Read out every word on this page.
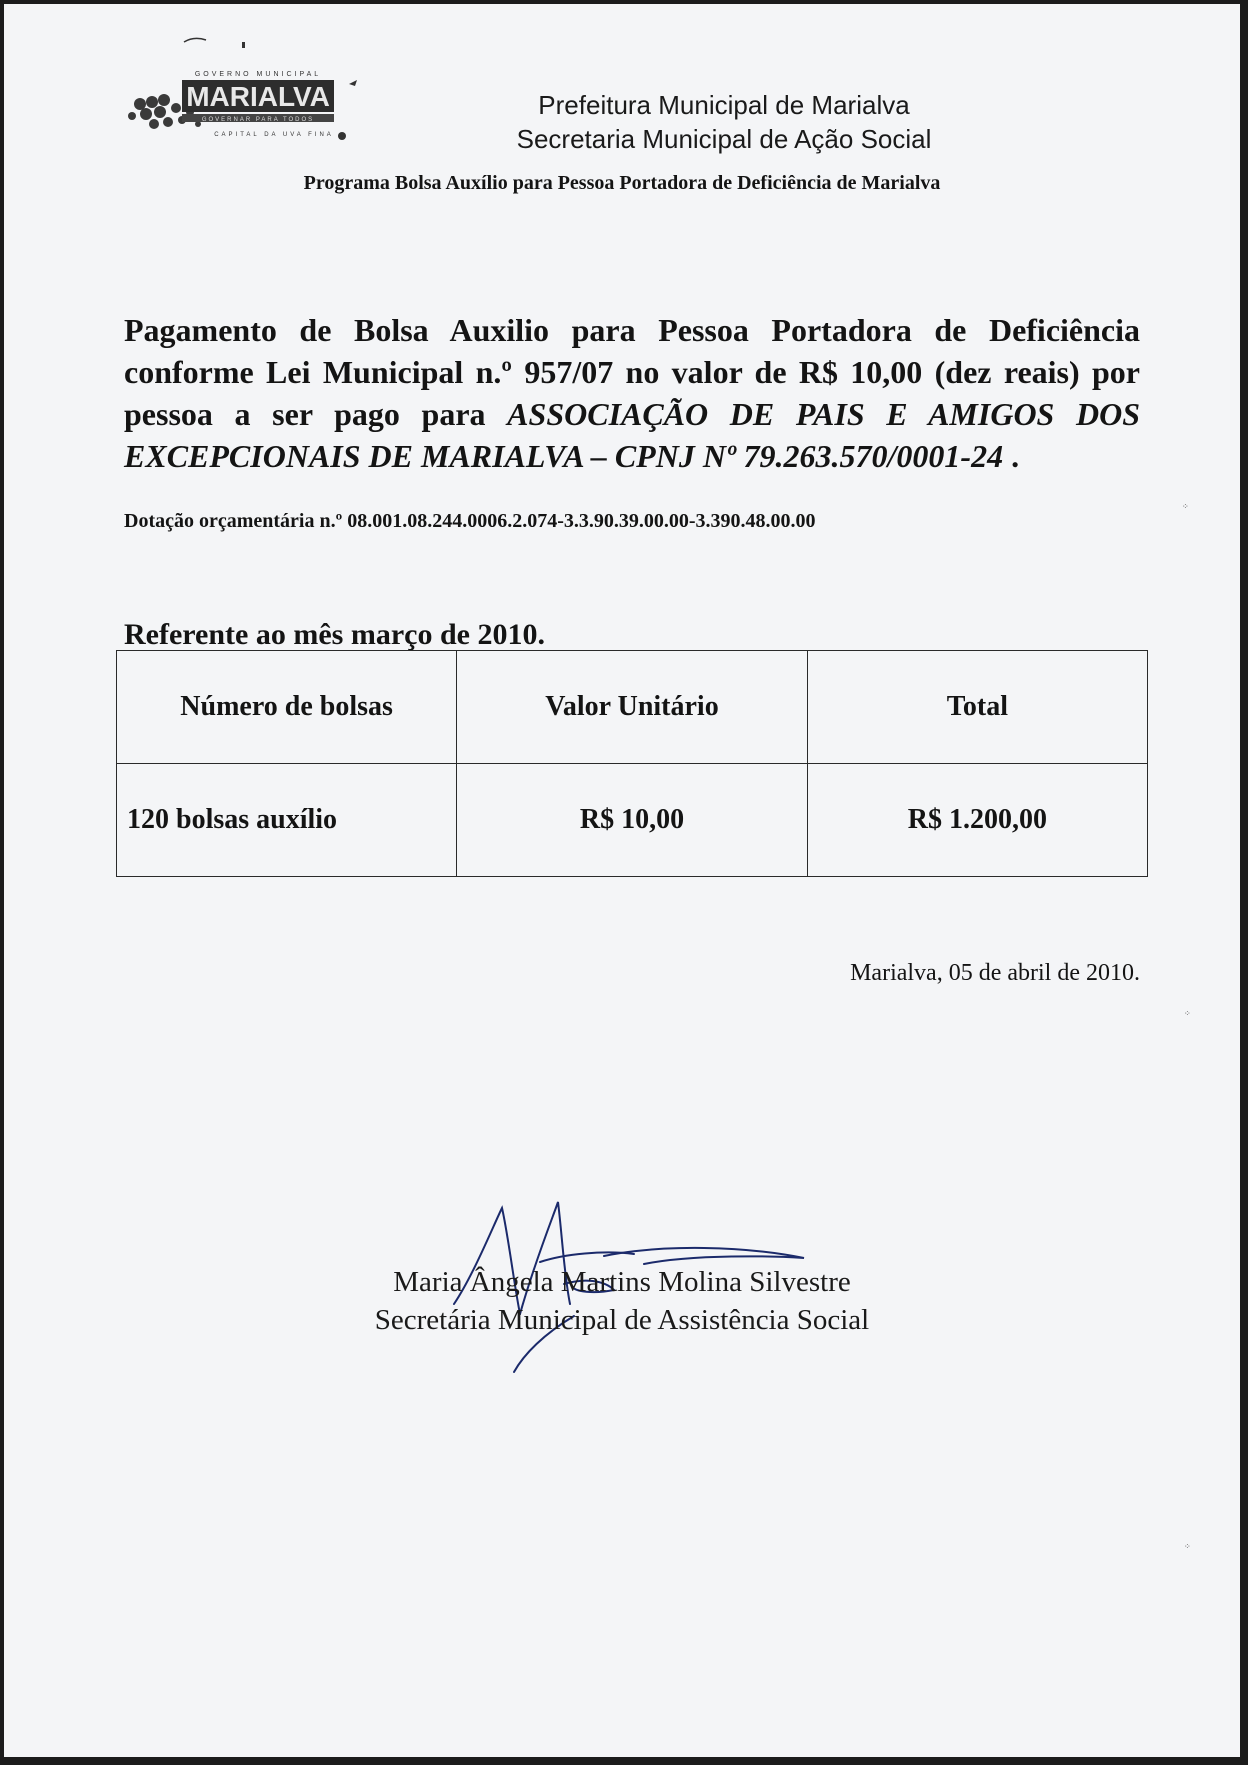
MARIALVA
GOVERNO MUNICIPAL
GOVERNAR PARA TODOS
CAPITAL DA UVA FINA
Prefeitura Municipal de Marialva
Secretaria Municipal de Ação Social
Programa Bolsa Auxílio para Pessoa Portadora de Deficiência de Marialva
Pagamento de Bolsa Auxilio para Pessoa Portadora de Deficiência conforme Lei Municipal n.º 957/07 no valor de R$ 10,00 (dez reais) por pessoa a ser pago para ASSOCIAÇÃO DE PAIS E AMIGOS DOS EXCEPCIONAIS DE MARIALVA – CPNJ Nº 79.263.570/0001-24 .
Dotação orçamentária n.º 08.001.08.244.0006.2.074-3.3.90.39.00.00-3.390.48.00.00
Referente ao mês março de 2010.
Número de bolsas	Valor Unitário	Total
120 bolsas auxílio	R$ 10,00	R$ 1.200,00
Marialva, 05 de abril de 2010.
Maria Ângela Martins Molina Silvestre
Secretária Municipal de Assistência Social
⁘
⁘
⁘
